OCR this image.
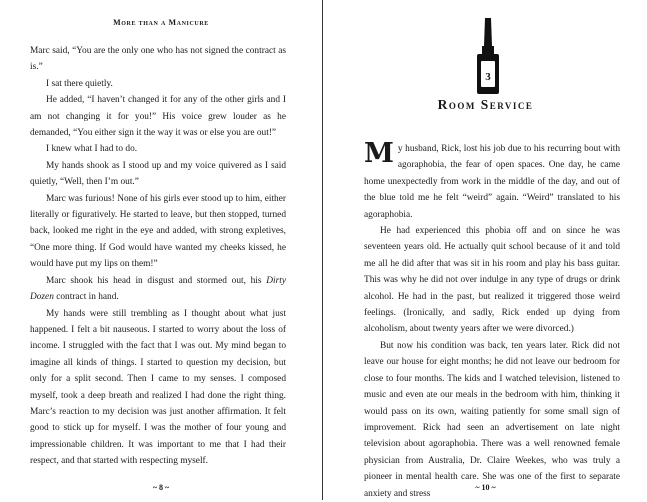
More than a Manicure

Marc said, “You are the only one who has not signed the contract as is.”

I sat there quietly.

He added, “I haven’t changed it for any of the other girls and I am not changing it for you!” His voice grew louder as he demanded, “You either sign it the way it was or else you are out!”

I knew what I had to do.

My hands shook as I stood up and my voice quivered as I said quietly, “Well, then I’m out.”

Marc was furious! None of his girls ever stood up to him, either literally or figuratively. He started to leave, but then stopped, turned back, looked me right in the eye and added, with strong expletives, “One more thing. If God would have wanted my cheeks kissed, he would have put my lips on them!”

Marc shook his head in disgust and stormed out, his Dirty Dozen contract in hand.

My hands were still trembling as I thought about what just happened. I felt a bit nauseous. I started to worry about the loss of income. I struggled with the fact that I was out. My mind began to imagine all kinds of things. I started to question my decision, but only for a split second. Then I came to my senses. I composed myself, took a deep breath and realized I had done the right thing. Marc’s reaction to my decision was just another affirmation. It felt good to stick up for myself. I was the mother of four young and impressionable children. It was important to me that I had their respect, and that started with respecting myself.

~ 8 ~

My husband, Rick, lost his job due to his recurring bout with agoraphobia, the fear of open spaces. One day, he came home unexpectedly from work in the middle of the day, and out of the blue told me he felt “weird” again. “Weird” translated to his agoraphobia.

He had experienced this phobia off and on since he was seventeen years old. He actually quit school because of it and told me all he did after that was sit in his room and play his bass guitar. This was why he did not over indulge in any type of drugs or drink alcohol. He had in the past, but realized it triggered those weird feelings. (Ironically, and sadly, Rick ended up dying from alcoholism, about twenty years after we were divorced.)

But now his condition was back, ten years later. Rick did not leave our house for eight months; he did not leave our bedroom for close to four months. The kids and I watched television, listened to music and even ate our meals in the bedroom with him, thinking it would pass on its own, waiting patiently for some small sign of improvement. Rick had seen an advertisement on late night television about agoraphobia. There was a well renowned female physician from Australia, Dr. Claire Weekes, who was truly a pioneer in mental health care. She was one of the first to separate anxiety and stress

~ 10 ~
3
Room Service
